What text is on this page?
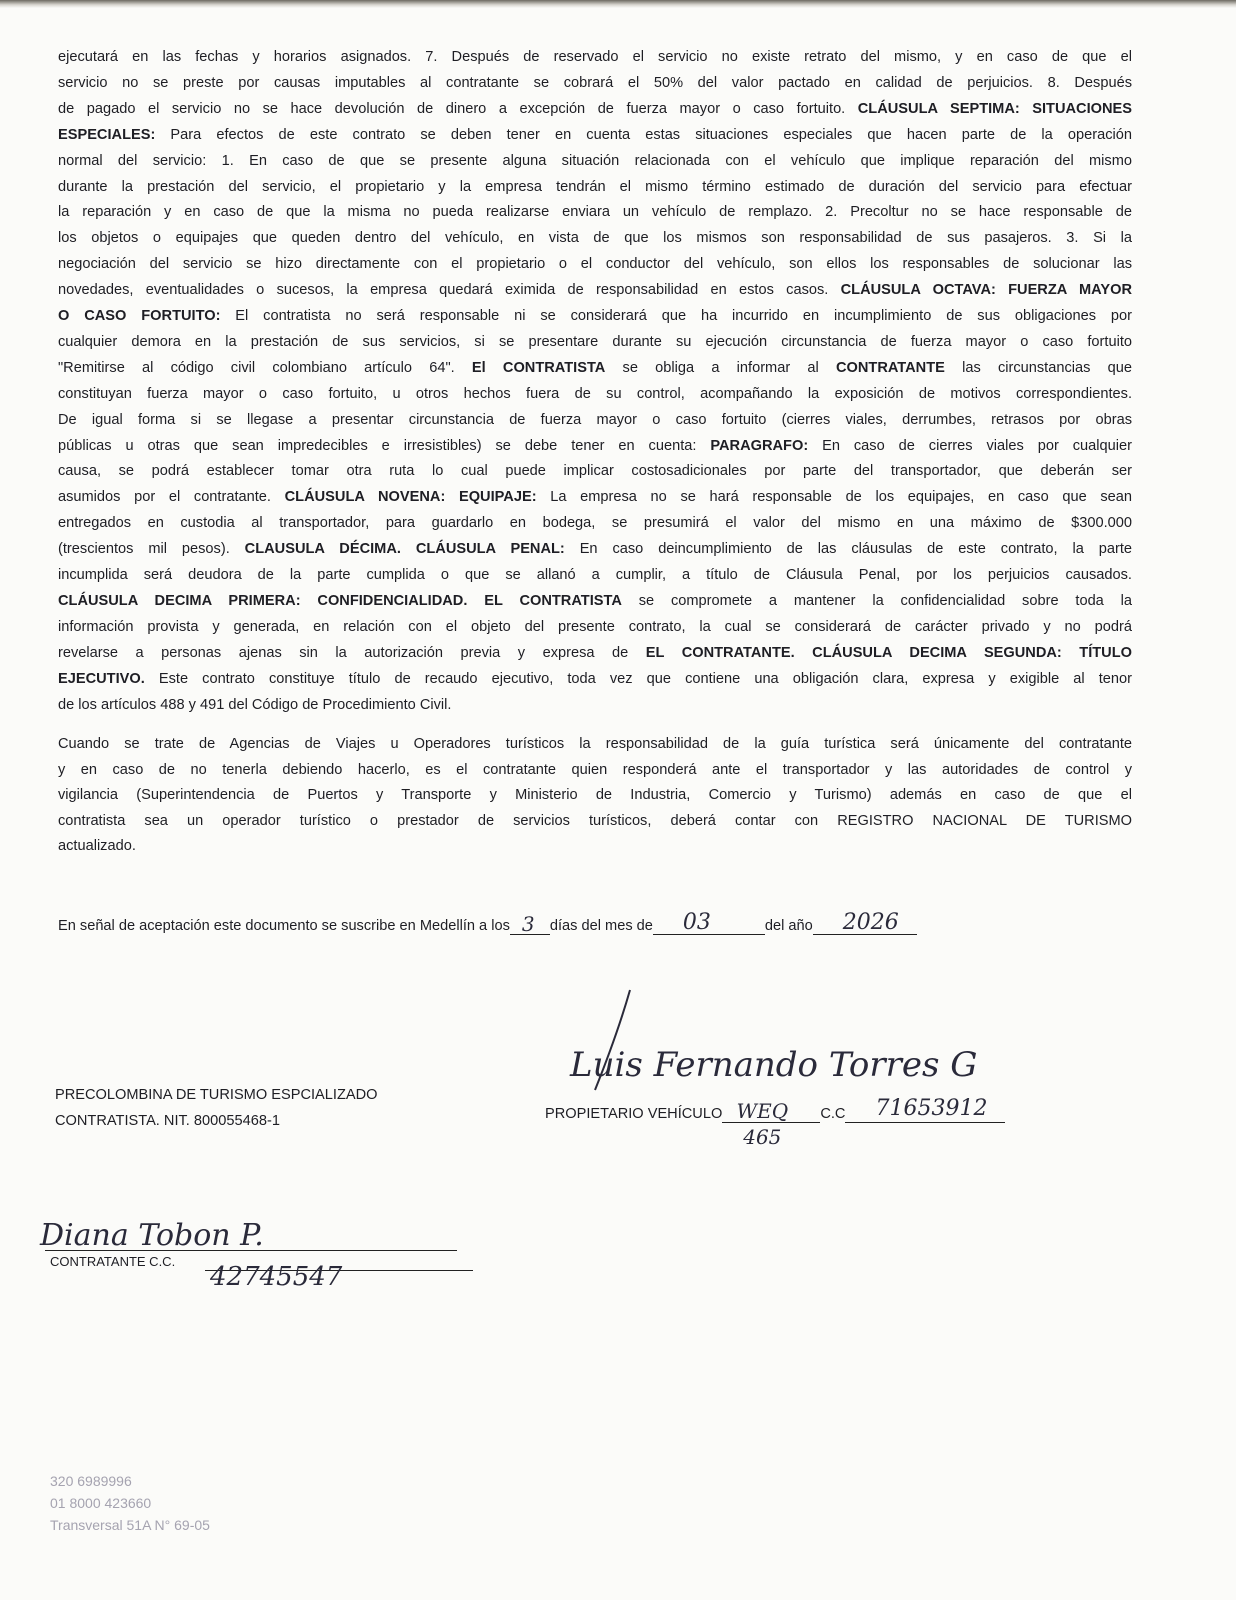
ejecutará en las fechas y horarios asignados. 7. Después de reservado el servicio no existe retrato del mismo, y en caso de que el
servicio no se preste por causas imputables al contratante se cobrará el 50% del valor pactado en calidad de perjuicios. 8. Después
de pagado el servicio no se hace devolución de dinero a excepción de fuerza mayor o caso fortuito. CLÁUSULA SEPTIMA: SITUACIONES
ESPECIALES: Para efectos de este contrato se deben tener en cuenta estas situaciones especiales que hacen parte de la operación
normal del servicio: 1. En caso de que se presente alguna situación relacionada con el vehículo que implique reparación del mismo
durante la prestación del servicio, el propietario y la empresa tendrán el mismo término estimado de duración del servicio para efectuar
la reparación y en caso de que la misma no pueda realizarse enviara un vehículo de remplazo. 2. Precoltur no se hace responsable de
los objetos o equipajes que queden dentro del vehículo, en vista de que los mismos son responsabilidad de sus pasajeros. 3. Si la
negociación del servicio se hizo directamente con el propietario o el conductor del vehículo, son ellos los responsables de solucionar las
novedades, eventualidades o sucesos, la empresa quedará eximida de responsabilidad en estos casos. CLÁUSULA OCTAVA: FUERZA MAYOR
O CASO FORTUITO: El contratista no será responsable ni se considerará que ha incurrido en incumplimiento de sus obligaciones por
cualquier demora en la prestación de sus servicios, si se presentare durante su ejecución circunstancia de fuerza mayor o caso fortuito
"Remitirse al código civil colombiano artículo 64". El CONTRATISTA se obliga a informar al CONTRATANTE las circunstancias que
constituyan fuerza mayor o caso fortuito, u otros hechos fuera de su control, acompañando la exposición de motivos correspondientes.
De igual forma si se llegase a presentar circunstancia de fuerza mayor o caso fortuito (cierres viales, derrumbes, retrasos por obras
públicas u otras que sean impredecibles e irresistibles) se debe tener en cuenta: PARAGRAFO: En caso de cierres viales por cualquier
causa, se podrá establecer tomar otra ruta lo cual puede implicar costosadicionales por parte del transportador, que deberán ser
asumidos por el contratante. CLÁUSULA NOVENA: EQUIPAJE: La empresa no se hará responsable de los equipajes, en caso que sean
entregados en custodia al transportador, para guardarlo en bodega, se presumirá el valor del mismo en una máximo de $300.000
(trescientos mil pesos). CLAUSULA DÉCIMA. CLÁUSULA PENAL: En caso deincumplimiento de las cláusulas de este contrato, la parte
incumplida será deudora de la parte cumplida o que se allanó a cumplir, a título de Cláusula Penal, por los perjuicios causados.
CLÁUSULA DECIMA PRIMERA: CONFIDENCIALIDAD. EL CONTRATISTA se compromete a mantener la confidencialidad sobre toda la
información provista y generada, en relación con el objeto del presente contrato, la cual se considerará de carácter privado y no podrá
revelarse a personas ajenas sin la autorización previa y expresa de EL CONTRATANTE. CLÁUSULA DECIMA SEGUNDA: TÍTULO
EJECUTIVO. Este contrato constituye título de recaudo ejecutivo, toda vez que contiene una obligación clara, expresa y exigible al tenor
de los artículos 488 y 491 del Código de Procedimiento Civil.
Cuando se trate de Agencias de Viajes u Operadores turísticos la responsabilidad de la guía turística será únicamente del contratante
y en caso de no tenerla debiendo hacerlo, es el contratante quien responderá ante el transportador y las autoridades de control y
vigilancia (Superintendencia de Puertos y Transporte y Ministerio de Industria, Comercio y Turismo) además en caso de que el
contratista sea un operador turístico o prestador de servicios turísticos, deberá contar con REGISTRO NACIONAL DE TURISMO
actualizado.
En señal de aceptación este documento se suscribe en Medellín a los 3 días del mes de 03	del año 2026

PRECOLOMBINA DE TURISMO ESPCIALIZADO
CONTRATISTA. NIT. 800055468-1
Luis Fernando Torres G
PROPIETARIO VEHÍCULO WEQ 465
C.C 71653912

Diana Tobon P.
CONTRATANTE C.C.
42745547
320 6989996
01 8000 423660
Transversal 51A N° 69-05
